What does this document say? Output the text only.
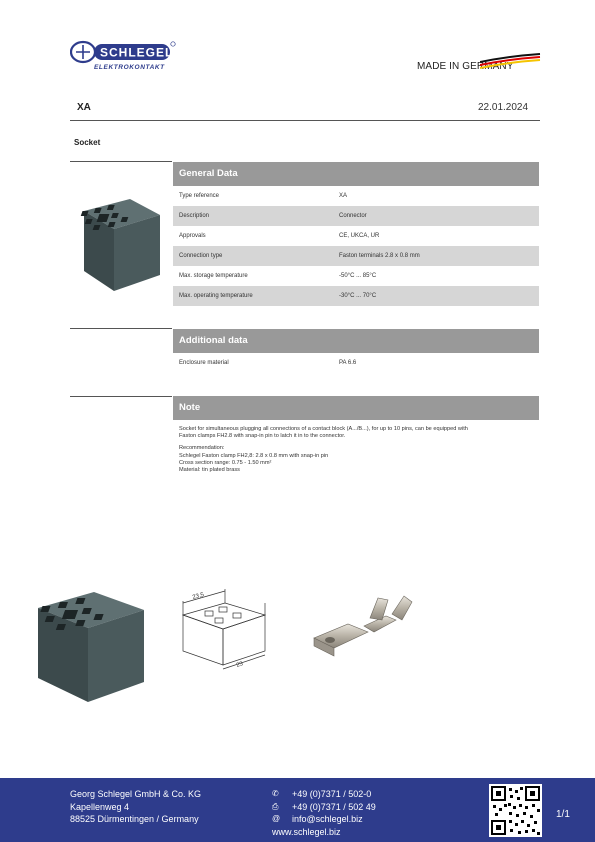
SCHLEGEL
ELEKTROKONTAKT	MADE IN GERMANY
XA	22.01.2024
Socket
General Data
Type reference	XA
Description	Connector
Approvals	CE, UKCA, UR
Connection type	Faston terminals 2.8 x 0.8 mm
Max. storage temperature	-50°C ... 85°C
Max. operating temperature	-30°C ... 70°C
Additional data
Enclosure material	PA 6.6
Note

Socket for simultaneous plugging all connections of a contact block (A.../B...), for up to 10 pins, can be equipped with
Faston clamps FH2.8 with snap-in pin to latch it in to the connector.

Recommendation:
Schlegel Faston clamp FH2,8: 2.8 x 0.8 mm with snap-in pin
Cross section range: 0.75 - 1.50 mm²
Material: tin plated brass

23,5
23
Georg Schlegel GmbH & Co. KG
Kapellenweg 4
88525 Dürmentingen / Germany
✆	+49 (0)7371 / 502-0
⎙	+49 (0)7371 / 502 49
@	info@schlegel.biz
www.schlegel.biz
1/1
